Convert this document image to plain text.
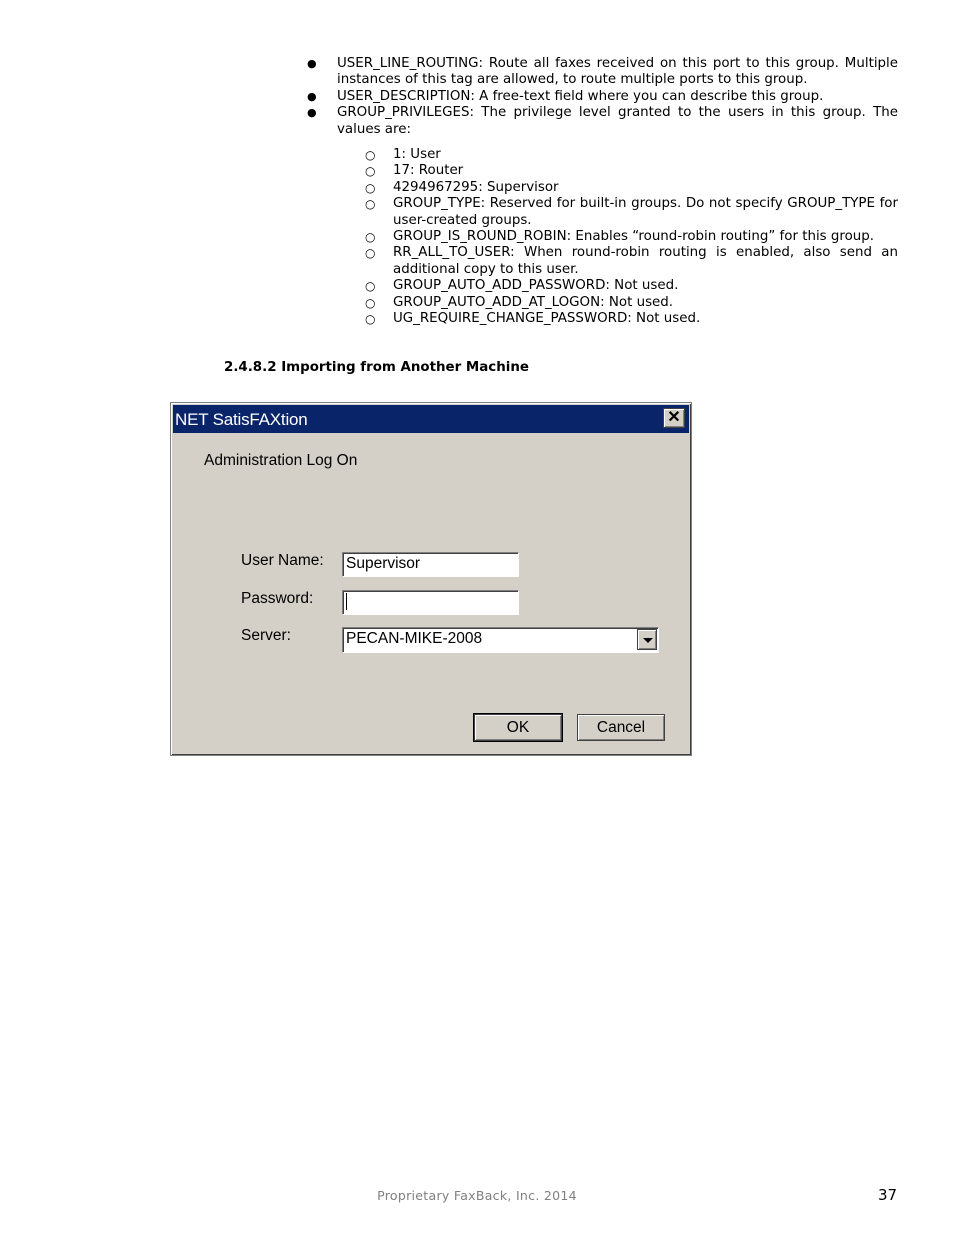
● USER_LINE_ROUTING: Route all faxes received on this port to this group. Multiple instances of this tag are allowed, to route multiple ports to this group.
● USER_DESCRIPTION: A free-text field where you can describe this group.
● GROUP_PRIVILEGES: The privilege level granted to the users in this group. The values are:
○ 1: User
○ 17: Router
○ 4294967295: Supervisor
○ GROUP_TYPE: Reserved for built-in groups. Do not specify GROUP_TYPE for user-created groups.
○ GROUP_IS_ROUND_ROBIN: Enables “round-robin routing” for this group.
○ RR_ALL_TO_USER: When round-robin routing is enabled, also send an additional copy to this user.
○ GROUP_AUTO_ADD_PASSWORD: Not used.
○ GROUP_AUTO_ADD_AT_LOGON: Not used.
○ UG_REQUIRE_CHANGE_PASSWORD: Not used.
2.4.8.2 Importing from Another Machine
NET SatisFAXtion	✕
Administration Log On
User Name: Supervisor
Password:
Server:	PECAN-MIKE-2008
OK	Cancel
Proprietary FaxBack, Inc. 2014	37
